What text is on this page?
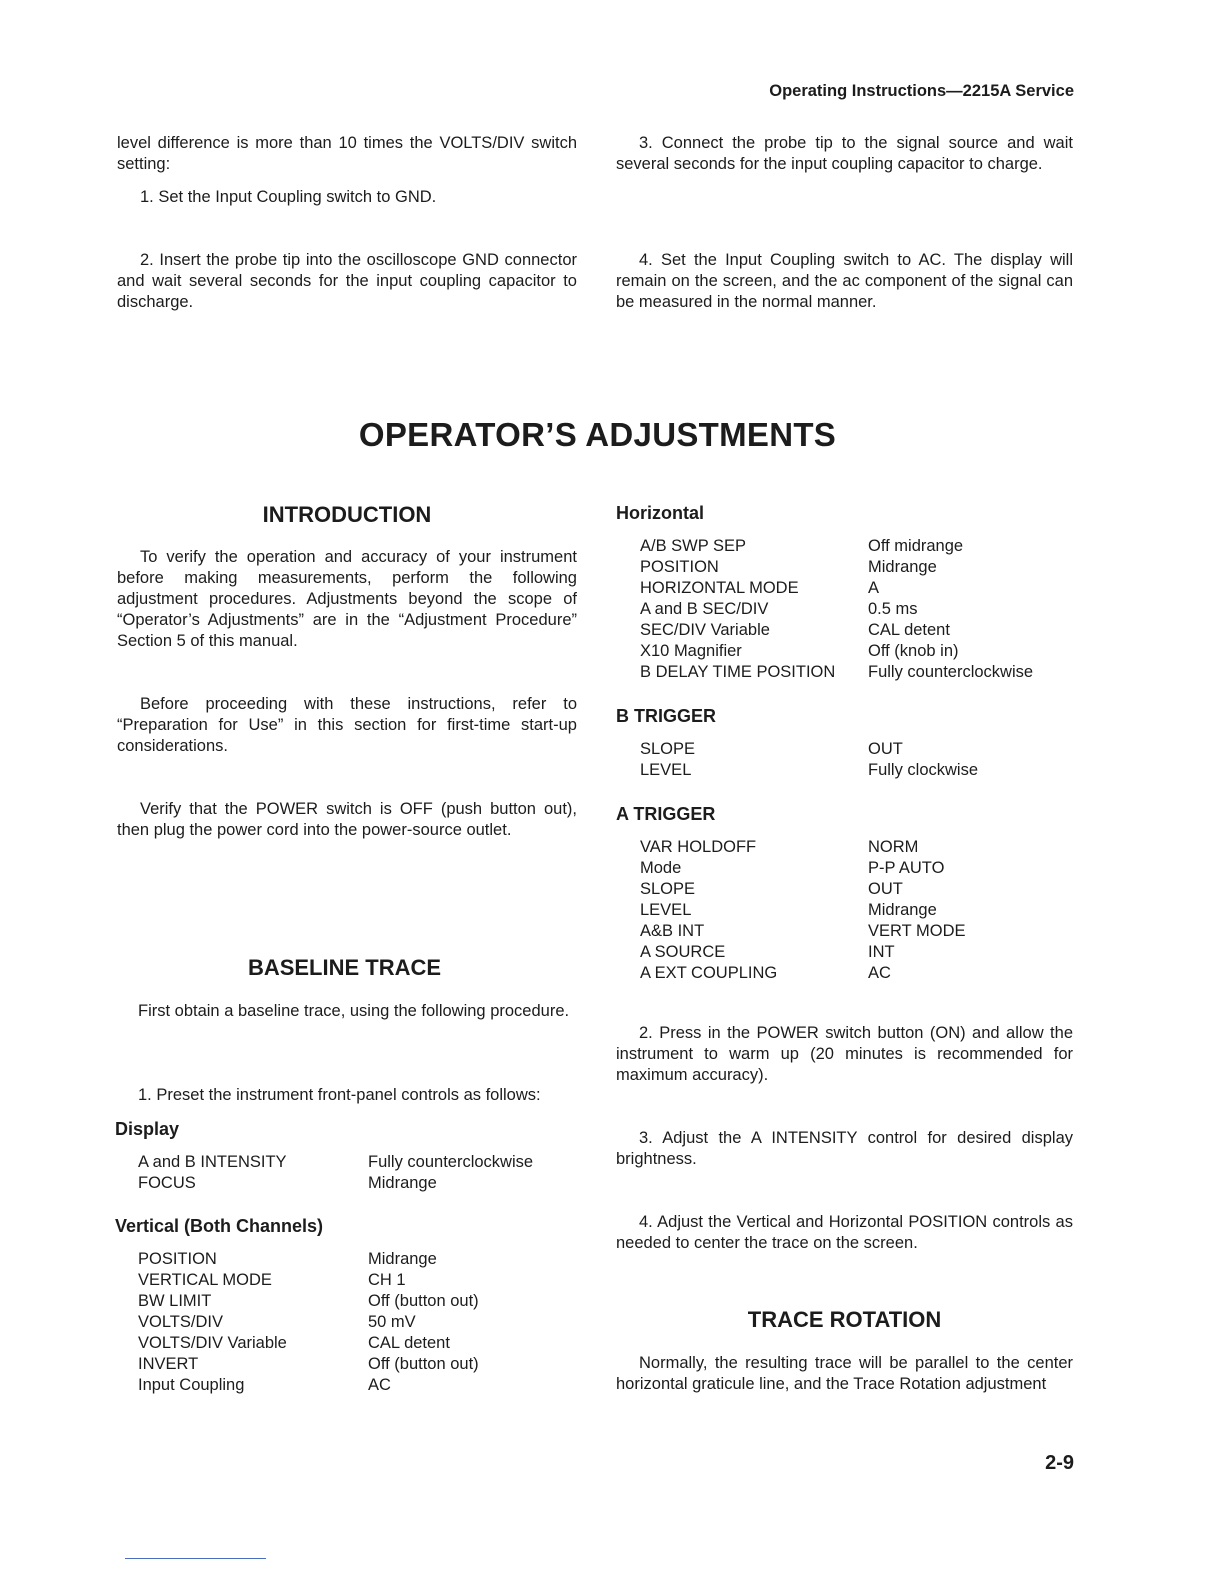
Operating Instructions—2215A Service

level difference is more than 10 times the VOLTS/DIV switch setting:

1. Set the Input Coupling switch to GND.

2. Insert the probe tip into the oscilloscope GND connector and wait several seconds for the input coupling capacitor to discharge.

3. Connect the probe tip to the signal source and wait several seconds for the input coupling capacitor to charge.

4. Set the Input Coupling switch to AC. The display will remain on the screen, and the ac component of the signal can be measured in the normal manner.

OPERATOR’S ADJUSTMENTS
INTRODUCTION

To verify the operation and accuracy of your instrument before making measurements, perform the following adjustment procedures. Adjustments beyond the scope of “Operator’s Adjustments” are in the “Adjustment Procedure” Section 5 of this manual.

Before proceeding with these instructions, refer to “Preparation for Use” in this section for first-time start-up considerations.

Verify that the POWER switch is OFF (push button out), then plug the power cord into the power-source outlet.

BASELINE TRACE

First obtain a baseline trace, using the following procedure.

1. Preset the instrument front-panel controls as follows:

Display
A and B INTENSITY	Fully counterclockwise
FOCUS	Midrange
Vertical (Both Channels)
POSITION	Midrange
VERTICAL MODE	CH 1
BW LIMIT	Off (button out)
VOLTS/DIV	50 mV
VOLTS/DIV Variable	CAL detent
INVERT	Off (button out)
Input Coupling	AC
Horizontal
A/B SWP SEP	Off midrange
POSITION	Midrange
HORIZONTAL MODE	A
A and B SEC/DIV	0.5 ms
SEC/DIV Variable	CAL detent
X10 Magnifier	Off (knob in)
B DELAY TIME POSITION	Fully counterclockwise
B TRIGGER
SLOPE	OUT
LEVEL	Fully clockwise
A TRIGGER
VAR HOLDOFF	NORM
Mode	P-P AUTO
SLOPE	OUT
LEVEL	Midrange
A&B INT	VERT MODE
A SOURCE	INT
A EXT COUPLING	AC

2. Press in the POWER switch button (ON) and allow the instrument to warm up (20 minutes is recommended for maximum accuracy).

3. Adjust the A INTENSITY control for desired display brightness.

4. Adjust the Vertical and Horizontal POSITION controls as needed to center the trace on the screen.

TRACE ROTATION

Normally, the resulting trace will be parallel to the center horizontal graticule line, and the Trace Rotation adjustment

2-9
